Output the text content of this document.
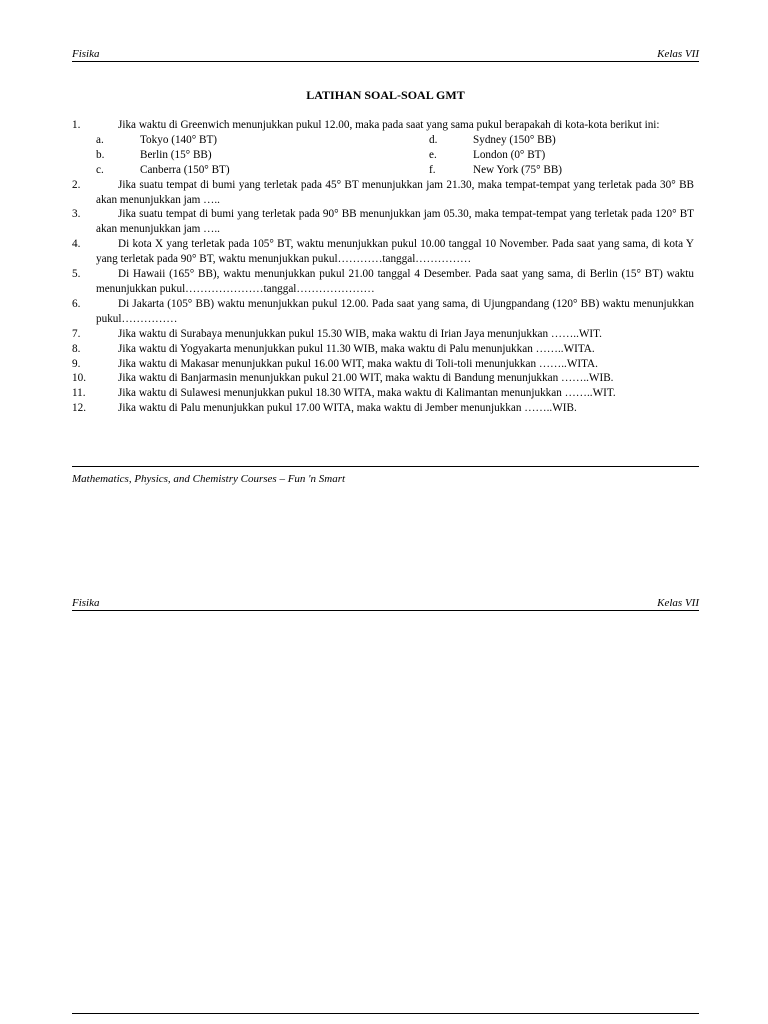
Fisika	Kelas VII
LATIHAN SOAL-SOAL GMT
1.	Jika waktu di Greenwich menunjukkan pukul 12.00, maka pada saat yang sama pukul berapakah di kota-kota berikut ini:
a.	Tokyo (140° BT)	d.	Sydney (150° BB)
b.	Berlin (15° BB)	e.	London (0° BT)
c.	Canberra (150° BT)	f.	New York (75° BB)
2.	Jika suatu tempat di bumi yang terletak pada 45° BT menunjukkan jam 21.30, maka tempat-tempat yang terletak pada 30° BB akan menunjukkan jam …..
3.	Jika suatu tempat di bumi yang terletak pada 90° BB menunjukkan jam 05.30, maka tempat-tempat yang terletak pada 120° BT akan menunjukkan jam …..
4.	Di kota X yang terletak pada 105° BT, waktu menunjukkan pukul 10.00 tanggal 10 November. Pada saat yang sama, di kota Y yang terletak pada 90° BT, waktu menunjukkan pukul…………tanggal……………
5.	Di Hawaii (165° BB), waktu menunjukkan pukul 21.00 tanggal 4 Desember. Pada saat yang sama, di Berlin (15° BT) waktu menunjukkan pukul…………………tanggal…………………
6.	Di Jakarta (105° BB) waktu menunjukkan pukul 12.00. Pada saat yang sama, di Ujungpandang (120° BB) waktu menunjukkan pukul……………
7.	Jika waktu di Surabaya menunjukkan pukul 15.30 WIB, maka waktu di Irian Jaya menunjukkan ……..WIT.
8.	Jika waktu di Yogyakarta menunjukkan pukul 11.30 WIB, maka waktu di Palu menunjukkan ……..WITA.
9.	Jika waktu di Makasar menunjukkan pukul 16.00 WIT, maka waktu di Toli-toli menunjukkan ……..WITA.
10.	Jika waktu di Banjarmasin menunjukkan pukul 21.00 WIT, maka waktu di Bandung menunjukkan ……..WIB.
11.	Jika waktu di Sulawesi menunjukkan pukul 18.30 WITA, maka waktu di Kalimantan menunjukkan ……..WIT.
12.	Jika waktu di Palu menunjukkan pukul 17.00 WITA, maka waktu di Jember menunjukkan ……..WIB.
Mathematics, Physics, and Chemistry Courses – Fun 'n Smart
Fisika	Kelas VII
